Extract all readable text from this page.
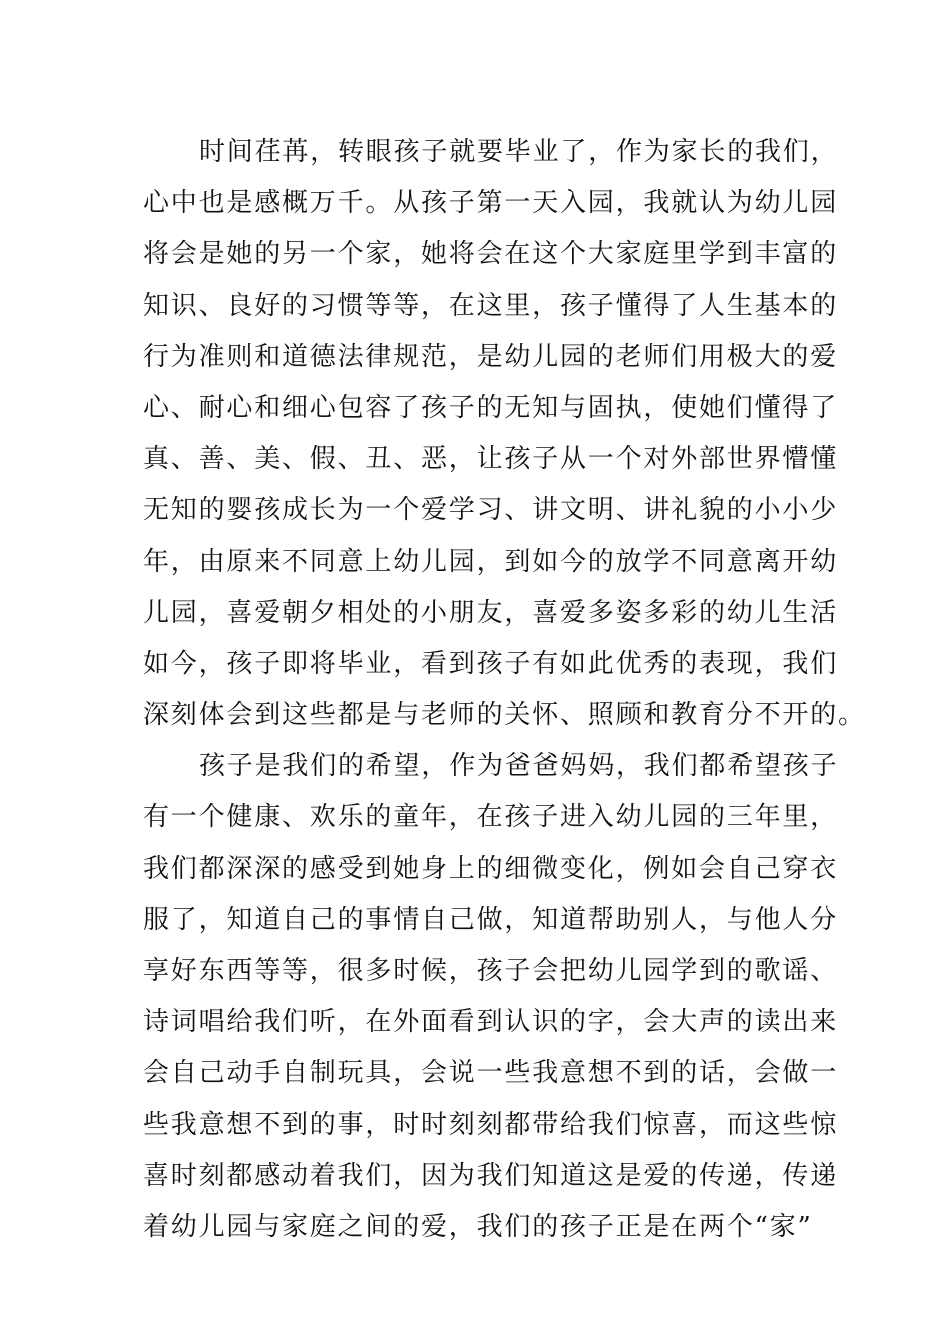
时间荏苒，转眼孩子就要毕业了，作为家长的我们，
心中也是感概万千。从孩子第一天入园，我就认为幼儿园
将会是她的另一个家，她将会在这个大家庭里学到丰富的
知识、良好的习惯等等，在这里，孩子懂得了人生基本的
行为准则和道德法律规范，是幼儿园的老师们用极大的爱
心、耐心和细心包容了孩子的无知与固执，使她们懂得了
真、善、美、假、丑、恶，让孩子从一个对外部世界懵懂
无知的婴孩成长为一个爱学习、讲文明、讲礼貌的小小少
年，由原来不同意上幼儿园，到如今的放学不同意离开幼
儿园，喜爱朝夕相处的小朋友，喜爱多姿多彩的幼儿生活
如今，孩子即将毕业，看到孩子有如此优秀的表现，我们
深刻体会到这些都是与老师的关怀、照顾和教育分不开的。
孩子是我们的希望，作为爸爸妈妈，我们都希望孩子
有一个健康、欢乐的童年，在孩子进入幼儿园的三年里，
我们都深深的感受到她身上的细微变化，例如会自己穿衣
服了，知道自己的事情自己做，知道帮助别人，与他人分
享好东西等等，很多时候，孩子会把幼儿园学到的歌谣、
诗词唱给我们听，在外面看到认识的字，会大声的读出来
会自己动手自制玩具，会说一些我意想不到的话，会做一
些我意想不到的事，时时刻刻都带给我们惊喜，而这些惊
喜时刻都感动着我们，因为我们知道这是爱的传递，传递
着幼儿园与家庭之间的爱，我们的孩子正是在两个“家”
